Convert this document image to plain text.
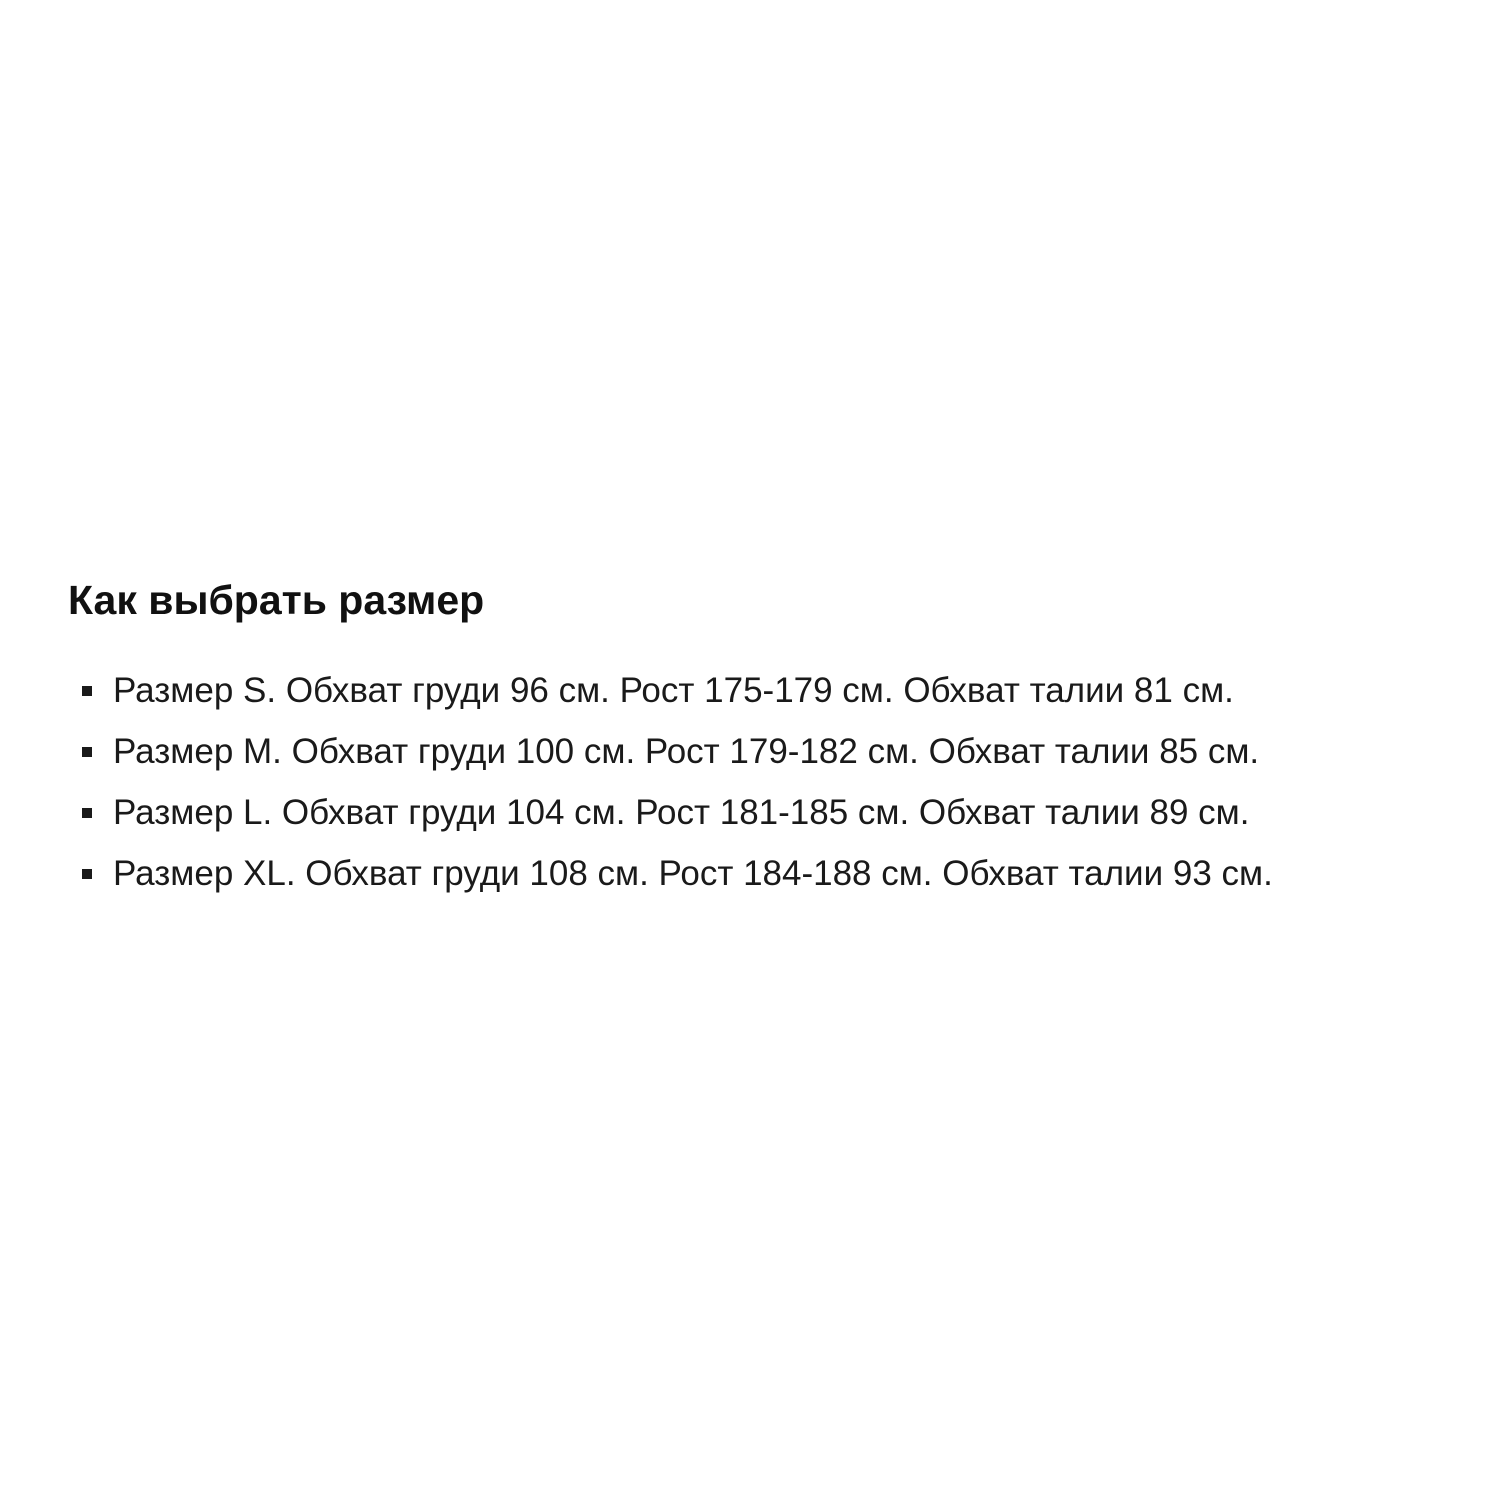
Как выбрать размер
Размер S. Обхват груди 96 см. Рост 175-179 см. Обхват талии 81 см.
Размер M. Обхват груди 100 см. Рост 179-182 см. Обхват талии 85 см.
Размер L. Обхват груди 104 см. Рост 181-185 см. Обхват талии 89 см.
Размер XL. Обхват груди 108 см. Рост 184-188 см. Обхват талии 93 см.
